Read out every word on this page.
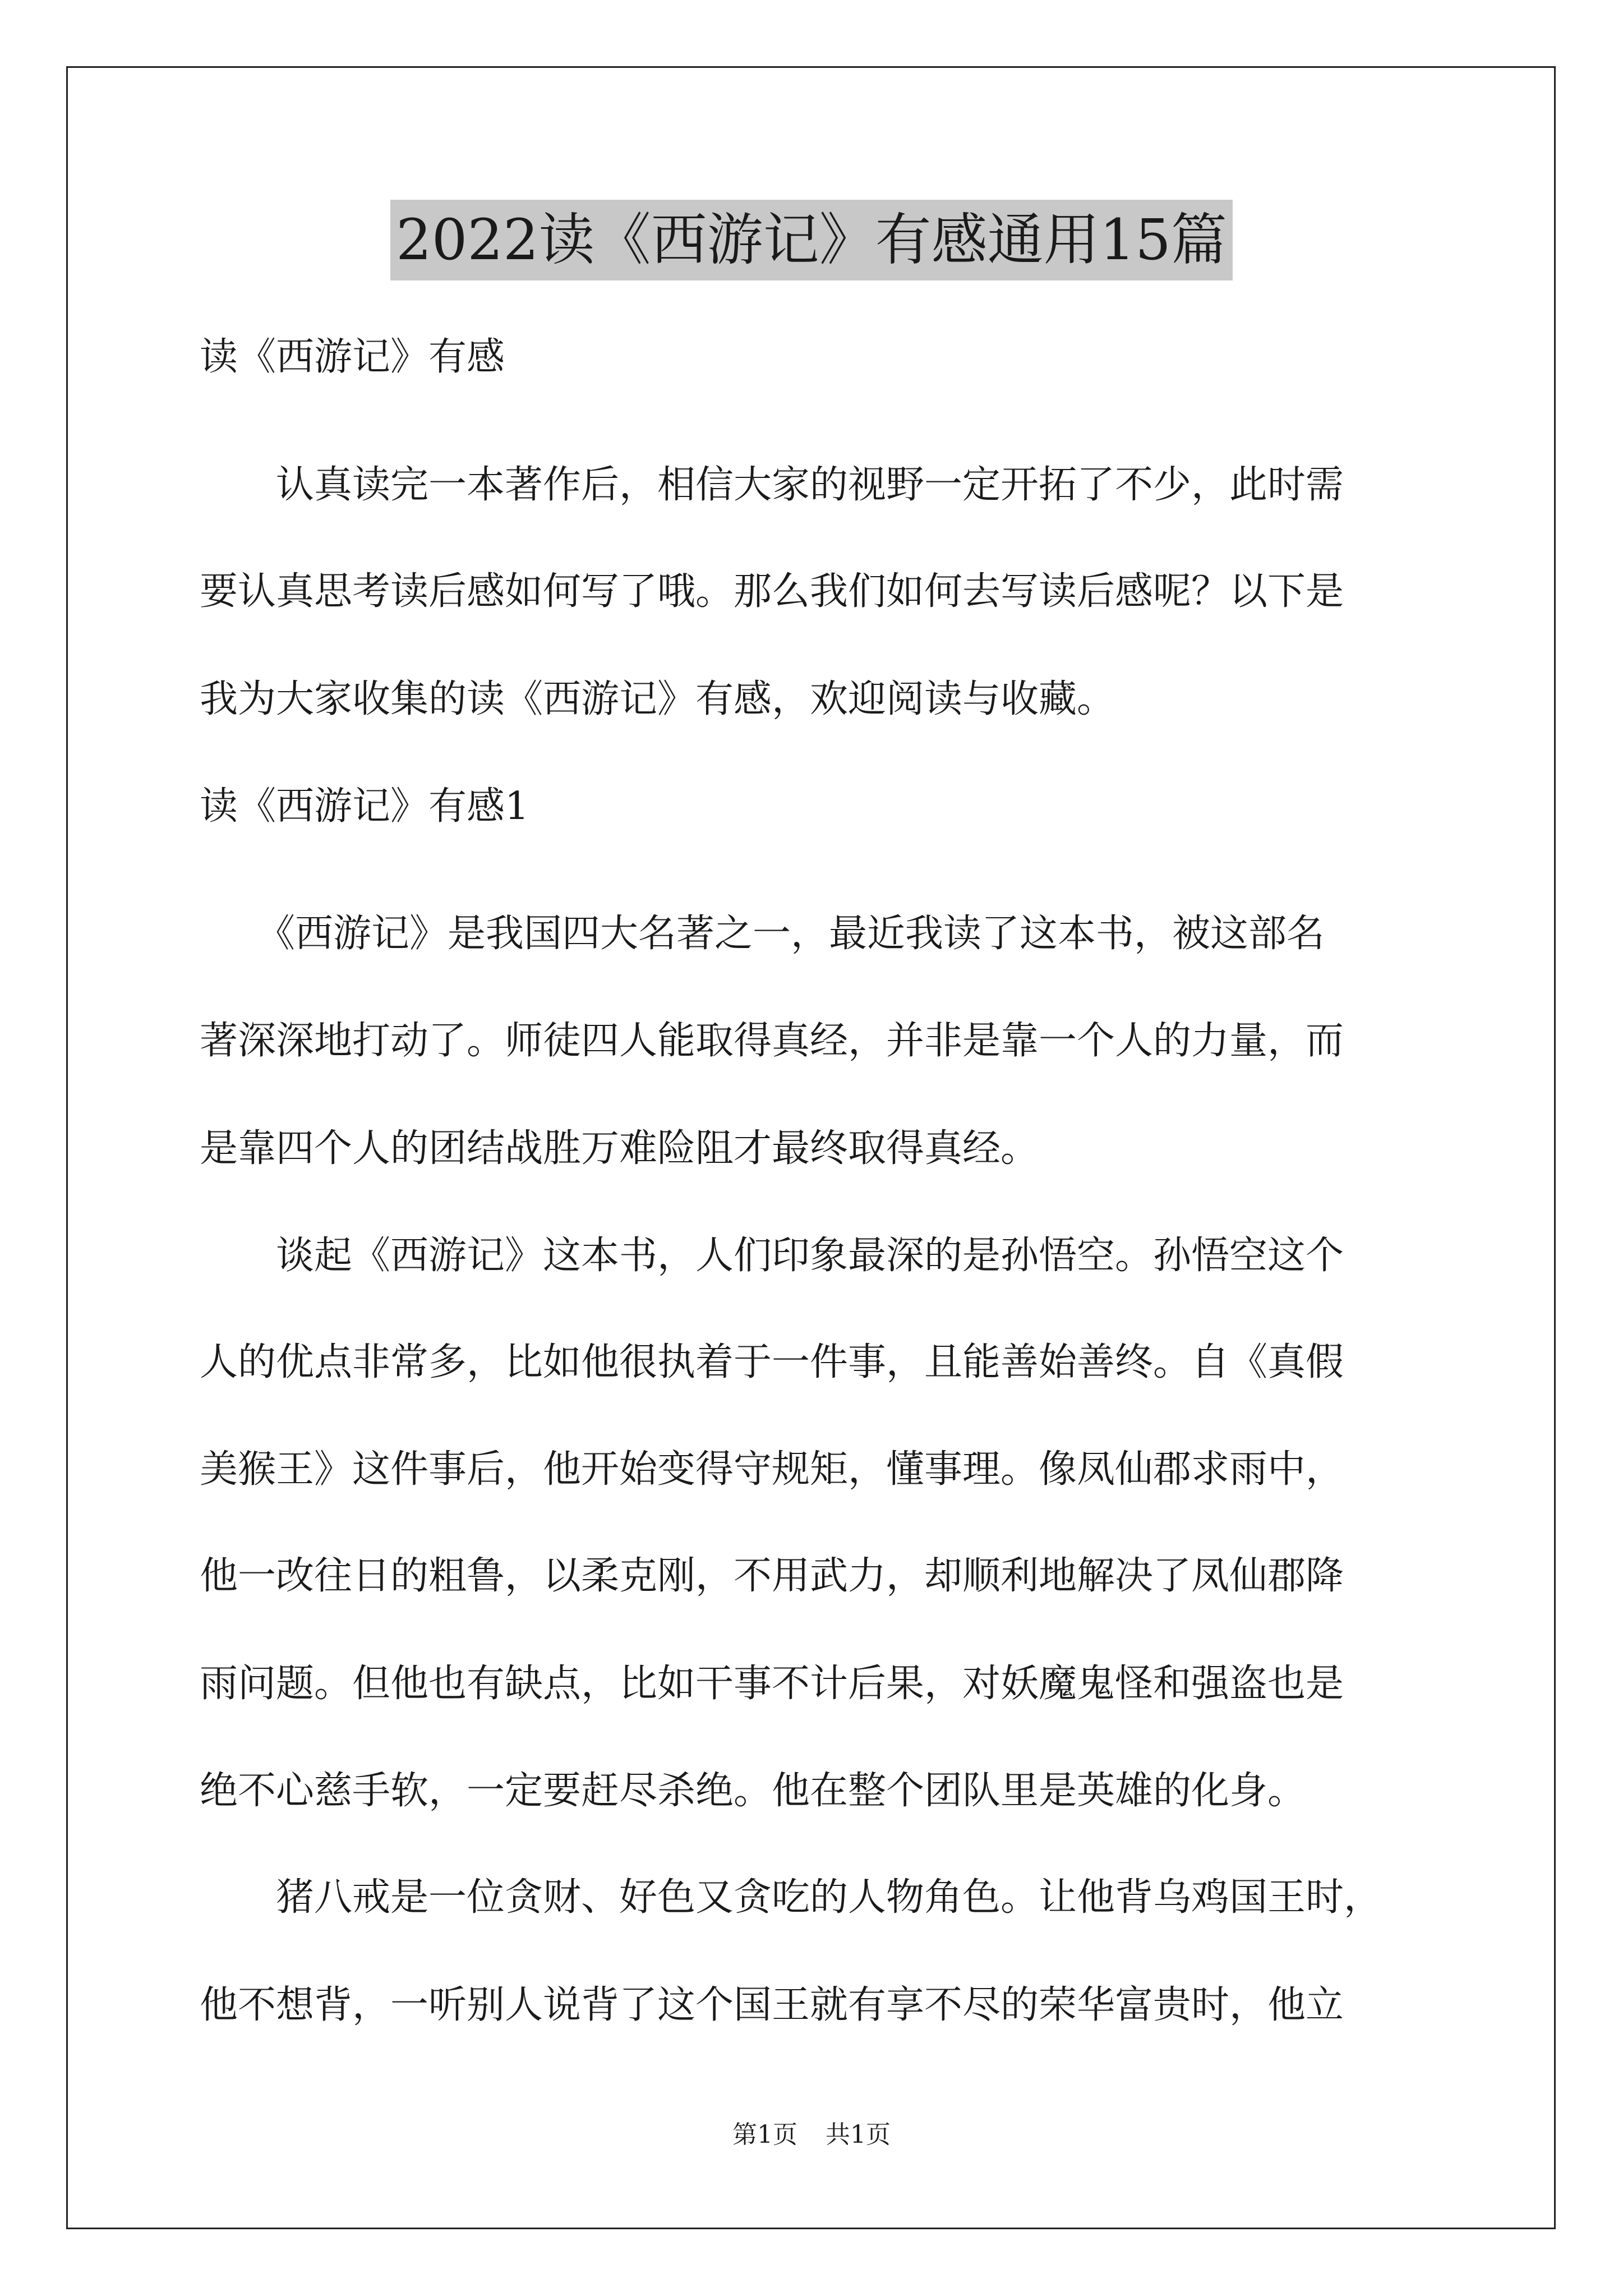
2022读《西游记》有感通用15篇
读《西游记》有感
　　认真读完一本著作后，相信大家的视野一定开拓了不少，此时需
要认真思考读后感如何写了哦。那么我们如何去写读后感呢？以下是
我为大家收集的读《西游记》有感，欢迎阅读与收藏。
读《西游记》有感1
　　《西游记》是我国四大名著之一，最近我读了这本书，被这部名
著深深地打动了。师徒四人能取得真经，并非是靠一个人的力量，而
是靠四个人的团结战胜万难险阻才最终取得真经。
　　谈起《西游记》这本书，人们印象最深的是孙悟空。孙悟空这个
人的优点非常多，比如他很执着于一件事，且能善始善终。自《真假
美猴王》这件事后，他开始变得守规矩，懂事理。像凤仙郡求雨中，
他一改往日的粗鲁，以柔克刚，不用武力，却顺利地解决了凤仙郡降
雨问题。但他也有缺点，比如干事不计后果，对妖魔鬼怪和强盗也是
绝不心慈手软，一定要赶尽杀绝。他在整个团队里是英雄的化身。
　　猪八戒是一位贪财、好色又贪吃的人物角色。让他背乌鸡国王时，
他不想背，一听别人说背了这个国王就有享不尽的荣华富贵时，他立
第1页 共1页
